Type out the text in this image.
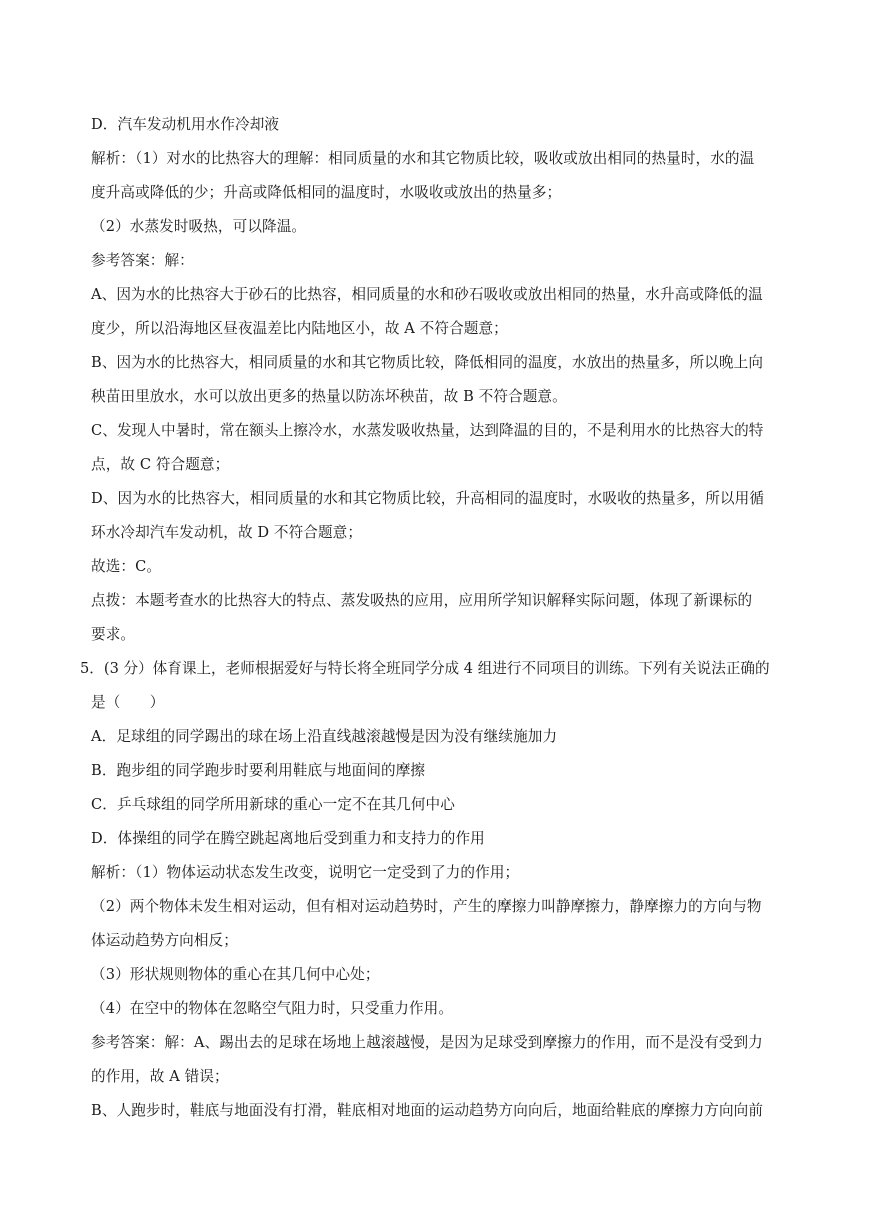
D．汽车发动机用水作冷却液
解析：（1）对水的比热容大的理解：相同质量的水和其它物质比较，吸收或放出相同的热量时，水的温
度升高或降低的少；升高或降低相同的温度时，水吸收或放出的热量多；
（2）水蒸发时吸热，可以降温。
参考答案：解：
A、因为水的比热容大于砂石的比热容，相同质量的水和砂石吸收或放出相同的热量，水升高或降低的温
度少，所以沿海地区昼夜温差比内陆地区小，故 A 不符合题意；
B、因为水的比热容大，相同质量的水和其它物质比较，降低相同的温度，水放出的热量多，所以晚上向
秧苗田里放水，水可以放出更多的热量以防冻坏秧苗，故 B 不符合题意。
C、发现人中暑时，常在额头上擦冷水，水蒸发吸收热量，达到降温的目的，不是利用水的比热容大的特
点，故 C 符合题意；
D、因为水的比热容大，相同质量的水和其它物质比较，升高相同的温度时，水吸收的热量多，所以用循
环水冷却汽车发动机，故 D 不符合题意；
故选：C。
点拨：本题考查水的比热容大的特点、蒸发吸热的应用，应用所学知识解释实际问题，体现了新课标的
要求。
5．(3 分）体育课上，老师根据爱好与特长将全班同学分成 4 组进行不同项目的训练。下列有关说法正确的
是（　　）
A．足球组的同学踢出的球在场上沿直线越滚越慢是因为没有继续施加力
B．跑步组的同学跑步时要利用鞋底与地面间的摩擦
C．乒乓球组的同学所用新球的重心一定不在其几何中心
D．体操组的同学在腾空跳起离地后受到重力和支持力的作用
解析：（1）物体运动状态发生改变，说明它一定受到了力的作用；
（2）两个物体未发生相对运动，但有相对运动趋势时，产生的摩擦力叫静摩擦力，静摩擦力的方向与物
体运动趋势方向相反；
（3）形状规则物体的重心在其几何中心处；
（4）在空中的物体在忽略空气阻力时，只受重力作用。
参考答案：解：A、踢出去的足球在场地上越滚越慢，是因为足球受到摩擦力的作用，而不是没有受到力
的作用，故 A 错误；
B、人跑步时，鞋底与地面没有打滑，鞋底相对地面的运动趋势方向向后，地面给鞋底的摩擦力方向向前
